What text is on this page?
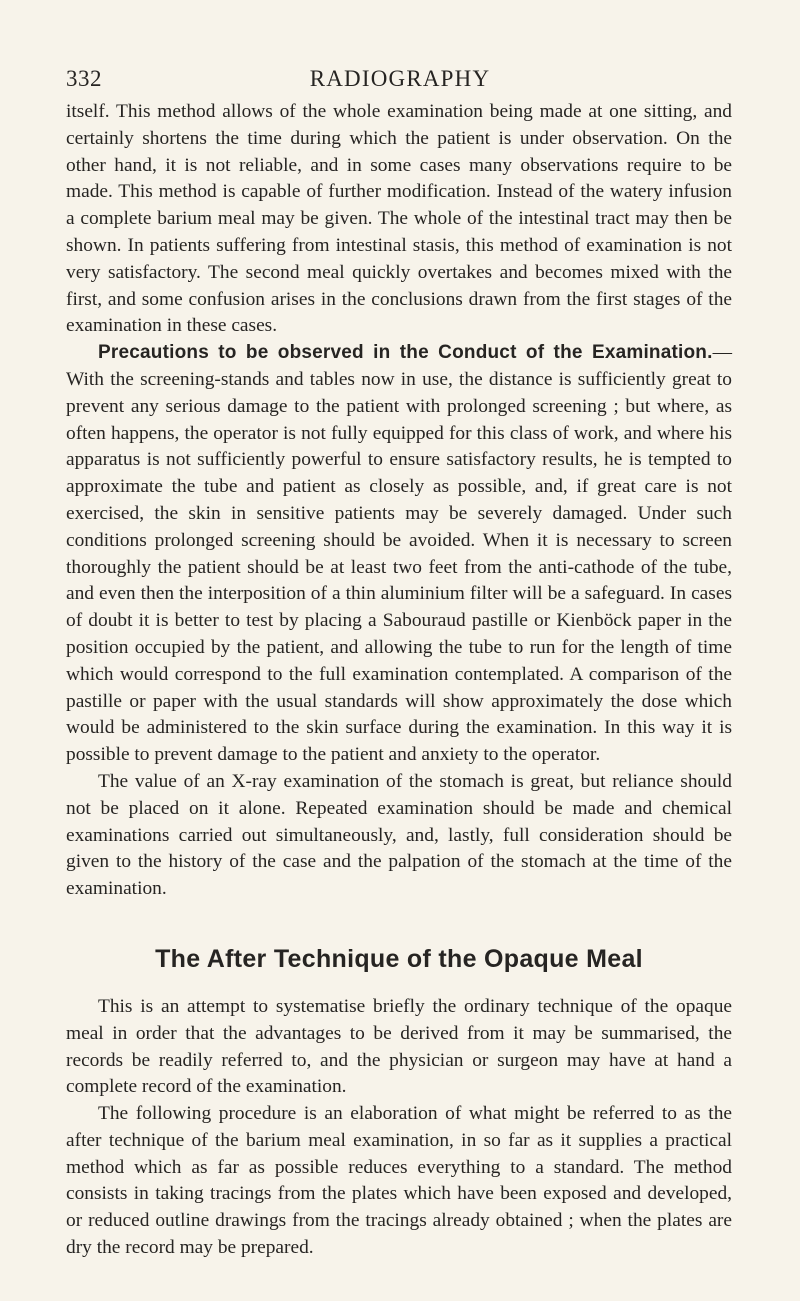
332	RADIOGRAPHY

itself. This method allows of the whole examination being made at one sitting, and certainly shortens the time during which the patient is under observation. On the other hand, it is not reliable, and in some cases many observations require to be made. This method is capable of further modification. Instead of the watery infusion a complete barium meal may be given. The whole of the intestinal tract may then be shown. In patients suffering from intestinal stasis, this method of examination is not very satisfactory. The second meal quickly overtakes and becomes mixed with the first, and some confusion arises in the conclusions drawn from the first stages of the examination in these cases.

Precautions to be observed in the Conduct of the Examination.—With the screening-stands and tables now in use, the distance is sufficiently great to prevent any serious damage to the patient with prolonged screening ; but where, as often happens, the operator is not fully equipped for this class of work, and where his apparatus is not sufficiently powerful to ensure satisfactory results, he is tempted to approximate the tube and patient as closely as possible, and, if great care is not exercised, the skin in sensitive patients may be severely damaged. Under such conditions prolonged screening should be avoided. When it is necessary to screen thoroughly the patient should be at least two feet from the anti-cathode of the tube, and even then the interposition of a thin aluminium filter will be a safeguard. In cases of doubt it is better to test by placing a Sabouraud pastille or Kienböck paper in the position occupied by the patient, and allowing the tube to run for the length of time which would correspond to the full examination contemplated. A comparison of the pastille or paper with the usual standards will show approximately the dose which would be administered to the skin surface during the examination. In this way it is possible to prevent damage to the patient and anxiety to the operator.

The value of an X-ray examination of the stomach is great, but reliance should not be placed on it alone. Repeated examination should be made and chemical examinations carried out simultaneously, and, lastly, full consideration should be given to the history of the case and the palpation of the stomach at the time of the examination.

The After Technique of the Opaque Meal

This is an attempt to systematise briefly the ordinary technique of the opaque meal in order that the advantages to be derived from it may be summarised, the records be readily referred to, and the physician or surgeon may have at hand a complete record of the examination.

The following procedure is an elaboration of what might be referred to as the after technique of the barium meal examination, in so far as it supplies a practical method which as far as possible reduces everything to a standard. The method consists in taking tracings from the plates which have been exposed and developed, or reduced outline drawings from the tracings already obtained ; when the plates are dry the record may be prepared.
